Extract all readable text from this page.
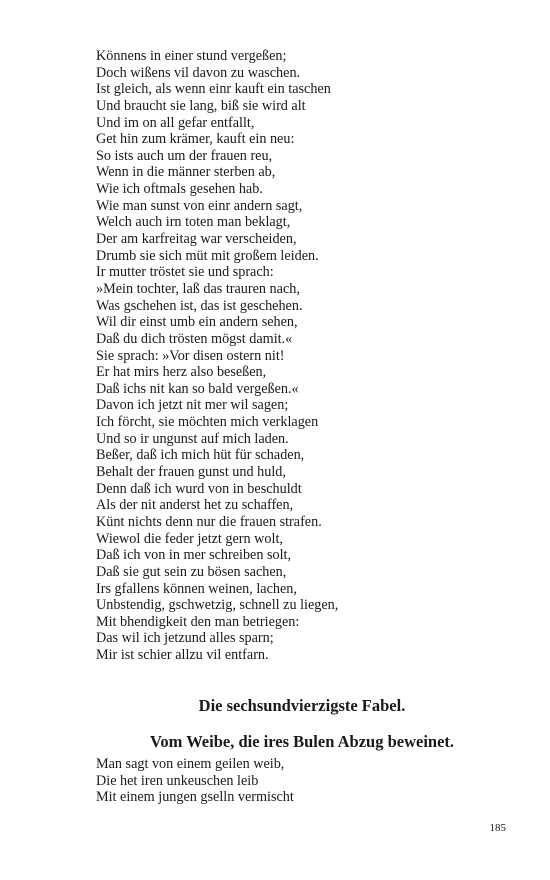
Könnens in einer stund vergeßen;
Doch wißens vil davon zu waschen.
Ist gleich, als wenn einr kauft ein taschen
Und braucht sie lang, biß sie wird alt
Und im on all gefar entfallt,
Get hin zum krämer, kauft ein neu:
So ists auch um der frauen reu,
Wenn in die männer sterben ab,
Wie ich oftmals gesehen hab.
Wie man sunst von einr andern sagt,
Welch auch irn toten man beklagt,
Der am karfreitag war verscheiden,
Drumb sie sich müt mit großem leiden.
Ir mutter tröstet sie und sprach:
»Mein tochter, laß das trauren nach,
Was gschehen ist, das ist geschehen.
Wil dir einst umb ein andern sehen,
Daß du dich trösten mögst damit.«
Sie sprach: »Vor disen ostern nit!
Er hat mirs herz also beseßen,
Daß ichs nit kan so bald vergeßen.«
Davon ich jetzt nit mer wil sagen;
Ich förcht, sie möchten mich verklagen
Und so ir ungunst auf mich laden.
Beßer, daß ich mich hüt für schaden,
Behalt der frauen gunst und huld,
Denn daß ich wurd von in beschuldt
Als der nit anderst het zu schaffen,
Künt nichts denn nur die frauen strafen.
Wiewol die feder jetzt gern wolt,
Daß ich von in mer schreiben solt,
Daß sie gut sein zu bösen sachen,
Irs gfallens können weinen, lachen,
Unbstendig, gschwetzig, schnell zu liegen,
Mit bhendigkeit den man betriegen:
Das wil ich jetzund alles sparn;
Mir ist schier allzu vil entfarn.
Die sechsundvierzigste Fabel.
Vom Weibe, die ires Bulen Abzug beweinet.
Man sagt von einem geilen weib,
Die het iren unkeuschen leib
Mit einem jungen gselln vermischt
185
